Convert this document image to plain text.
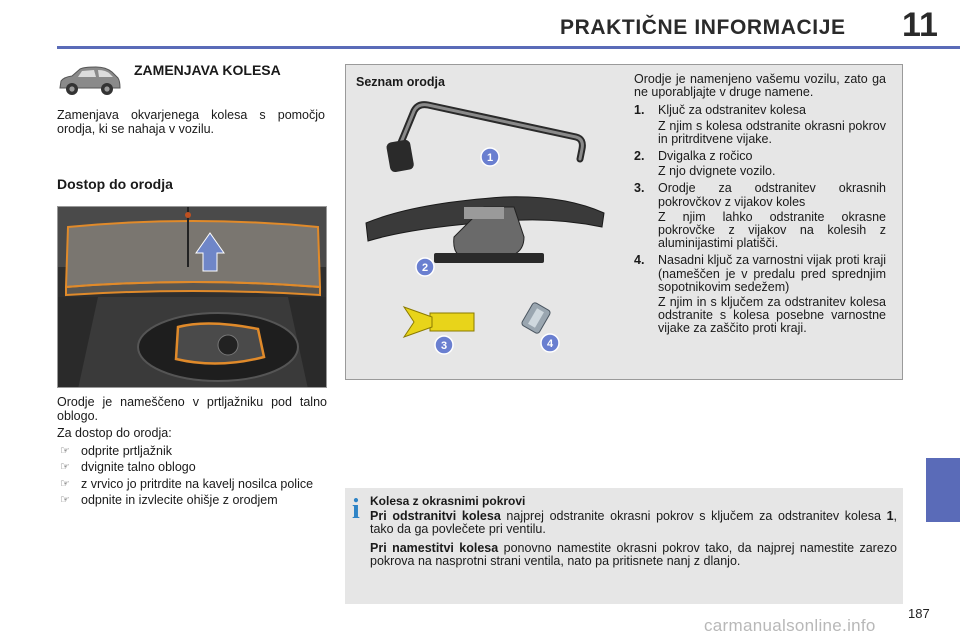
PRAKTIČNE INFORMACIJE 11
ZAMENJAVA KOLESA
Zamenjava okvarjenega kolesa s pomočjo orodja, ki se nahaja v vozilu.
Dostop do orodja

Orodje je nameščeno v prtljažniku pod talno oblogo.

Za dostop do orodja:

☞ odprite prtljažnik
☞ dvignite talno oblogo
☞ z vrvico jo pritrdite na kavelj nosilca police
☞ odpnite in izvlecite ohišje z orodjem
Seznam orodja
1
2
3	4
Orodje je namenjeno vašemu vozilu, zato ga ne uporabljajte v druge namene.
1.	Ključ za odstranitev kolesa
Z njim s kolesa odstranite okrasni pokrov in pritrditvene vijake.
2.	Dvigalka z ročico
Z njo dvignete vozilo.
3.	Orodje za odstranitev okrasnih pokrovčkov z vijakov koles
Z njim lahko odstranite okrasne pokrovčke z vijakov na kolesih z aluminijastimi platišči.
4.	Nasadni ključ za varnostni vijak proti kraji (nameščen je v predalu pred sprednjim sopotnikovim sedežem)
Z njim in s ključem za odstranitev kolesa odstranite s kolesa posebne varnostne vijake za zaščito proti kraji.
i Kolesa z okrasnimi pokrovi

Pri odstranitvi kolesa najprej odstranite okrasni pokrov s ključem za odstranitev kolesa 1, tako da ga povlečete pri ventilu.

Pri namestitvi kolesa ponovno namestite okrasni pokrov tako, da najprej namestite zarezo pokrova na nasprotni strani ventila, nato pa pritisnete nanj z dlanjo.

187
carmanualsonline.info
